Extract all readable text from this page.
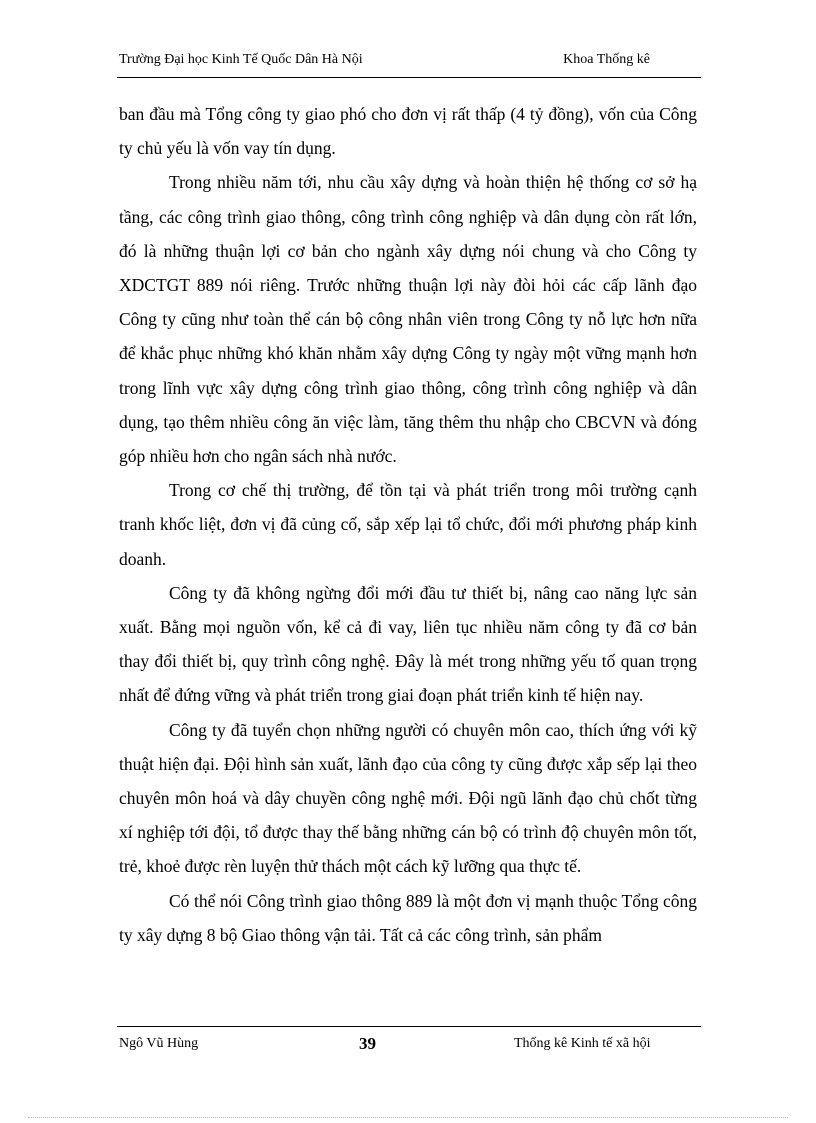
Trường Đại học Kinh Tế Quốc Dân Hà Nội	Khoa Thống kê

ban đầu mà Tổng công ty giao phó cho đơn vị rất thấp (4 tỷ đồng), vốn của Công ty chủ yếu là vốn vay tín dụng.

Trong nhiều năm tới, nhu cầu xây dựng và hoàn thiện hệ thống cơ sở hạ tầng, các công trình giao thông, công trình công nghiệp và dân dụng còn rất lớn, đó là những thuận lợi cơ bản cho ngành xây dựng nói chung và cho Công ty XDCTGT 889 nói riêng. Trước những thuận lợi này đòi hỏi các cấp lãnh đạo Công ty cũng như toàn thể cán bộ công nhân viên trong Công ty nỗ lực hơn nữa để khắc phục những khó khăn nhằm xây dựng Công ty ngày một vững mạnh hơn trong lĩnh vực xây dựng công trình giao thông, công trình công nghiệp và dân dụng, tạo thêm nhiều công ăn việc làm, tăng thêm thu nhập cho CBCVN và đóng góp nhiều hơn cho ngân sách nhà nước.

Trong cơ chế thị trường, để tồn tại và phát triển trong môi trường cạnh tranh khốc liệt, đơn vị đã củng cố, sắp xếp lại tổ chức, đổi mới phương pháp kinh doanh.

Công ty đã không ngừng đổi mới đầu tư thiết bị, nâng cao năng lực sản xuất. Bằng mọi nguồn vốn, kể cả đi vay, liên tục nhiều năm công ty đã cơ bản thay đổi thiết bị, quy trình công nghệ. Đây là mét trong những yếu tố quan trọng nhất để đứng vững và phát triển trong giai đoạn phát triển kinh tế hiện nay.

Công ty đã tuyển chọn những người có chuyên môn cao, thích ứng với kỹ thuật hiện đại. Đội hình sản xuất, lãnh đạo của công ty cũng được xắp sếp lại theo chuyên môn hoá và dây chuyền công nghệ mới. Đội ngũ lãnh đạo chủ chốt từng xí nghiệp tới đội, tổ được thay thế bằng những cán bộ có trình độ chuyên môn tốt, trẻ, khoẻ được rèn luyện thử thách một cách kỹ lưỡng qua thực tế.

Có thể nói Công trình giao thông 889 là một đơn vị mạnh thuộc Tổng công ty xây dựng 8 bộ Giao thông vận tải. Tất cả các công trình, sản phẩm

Ngô Vũ Hùng	39	Thống kê Kinh tế xã hội
